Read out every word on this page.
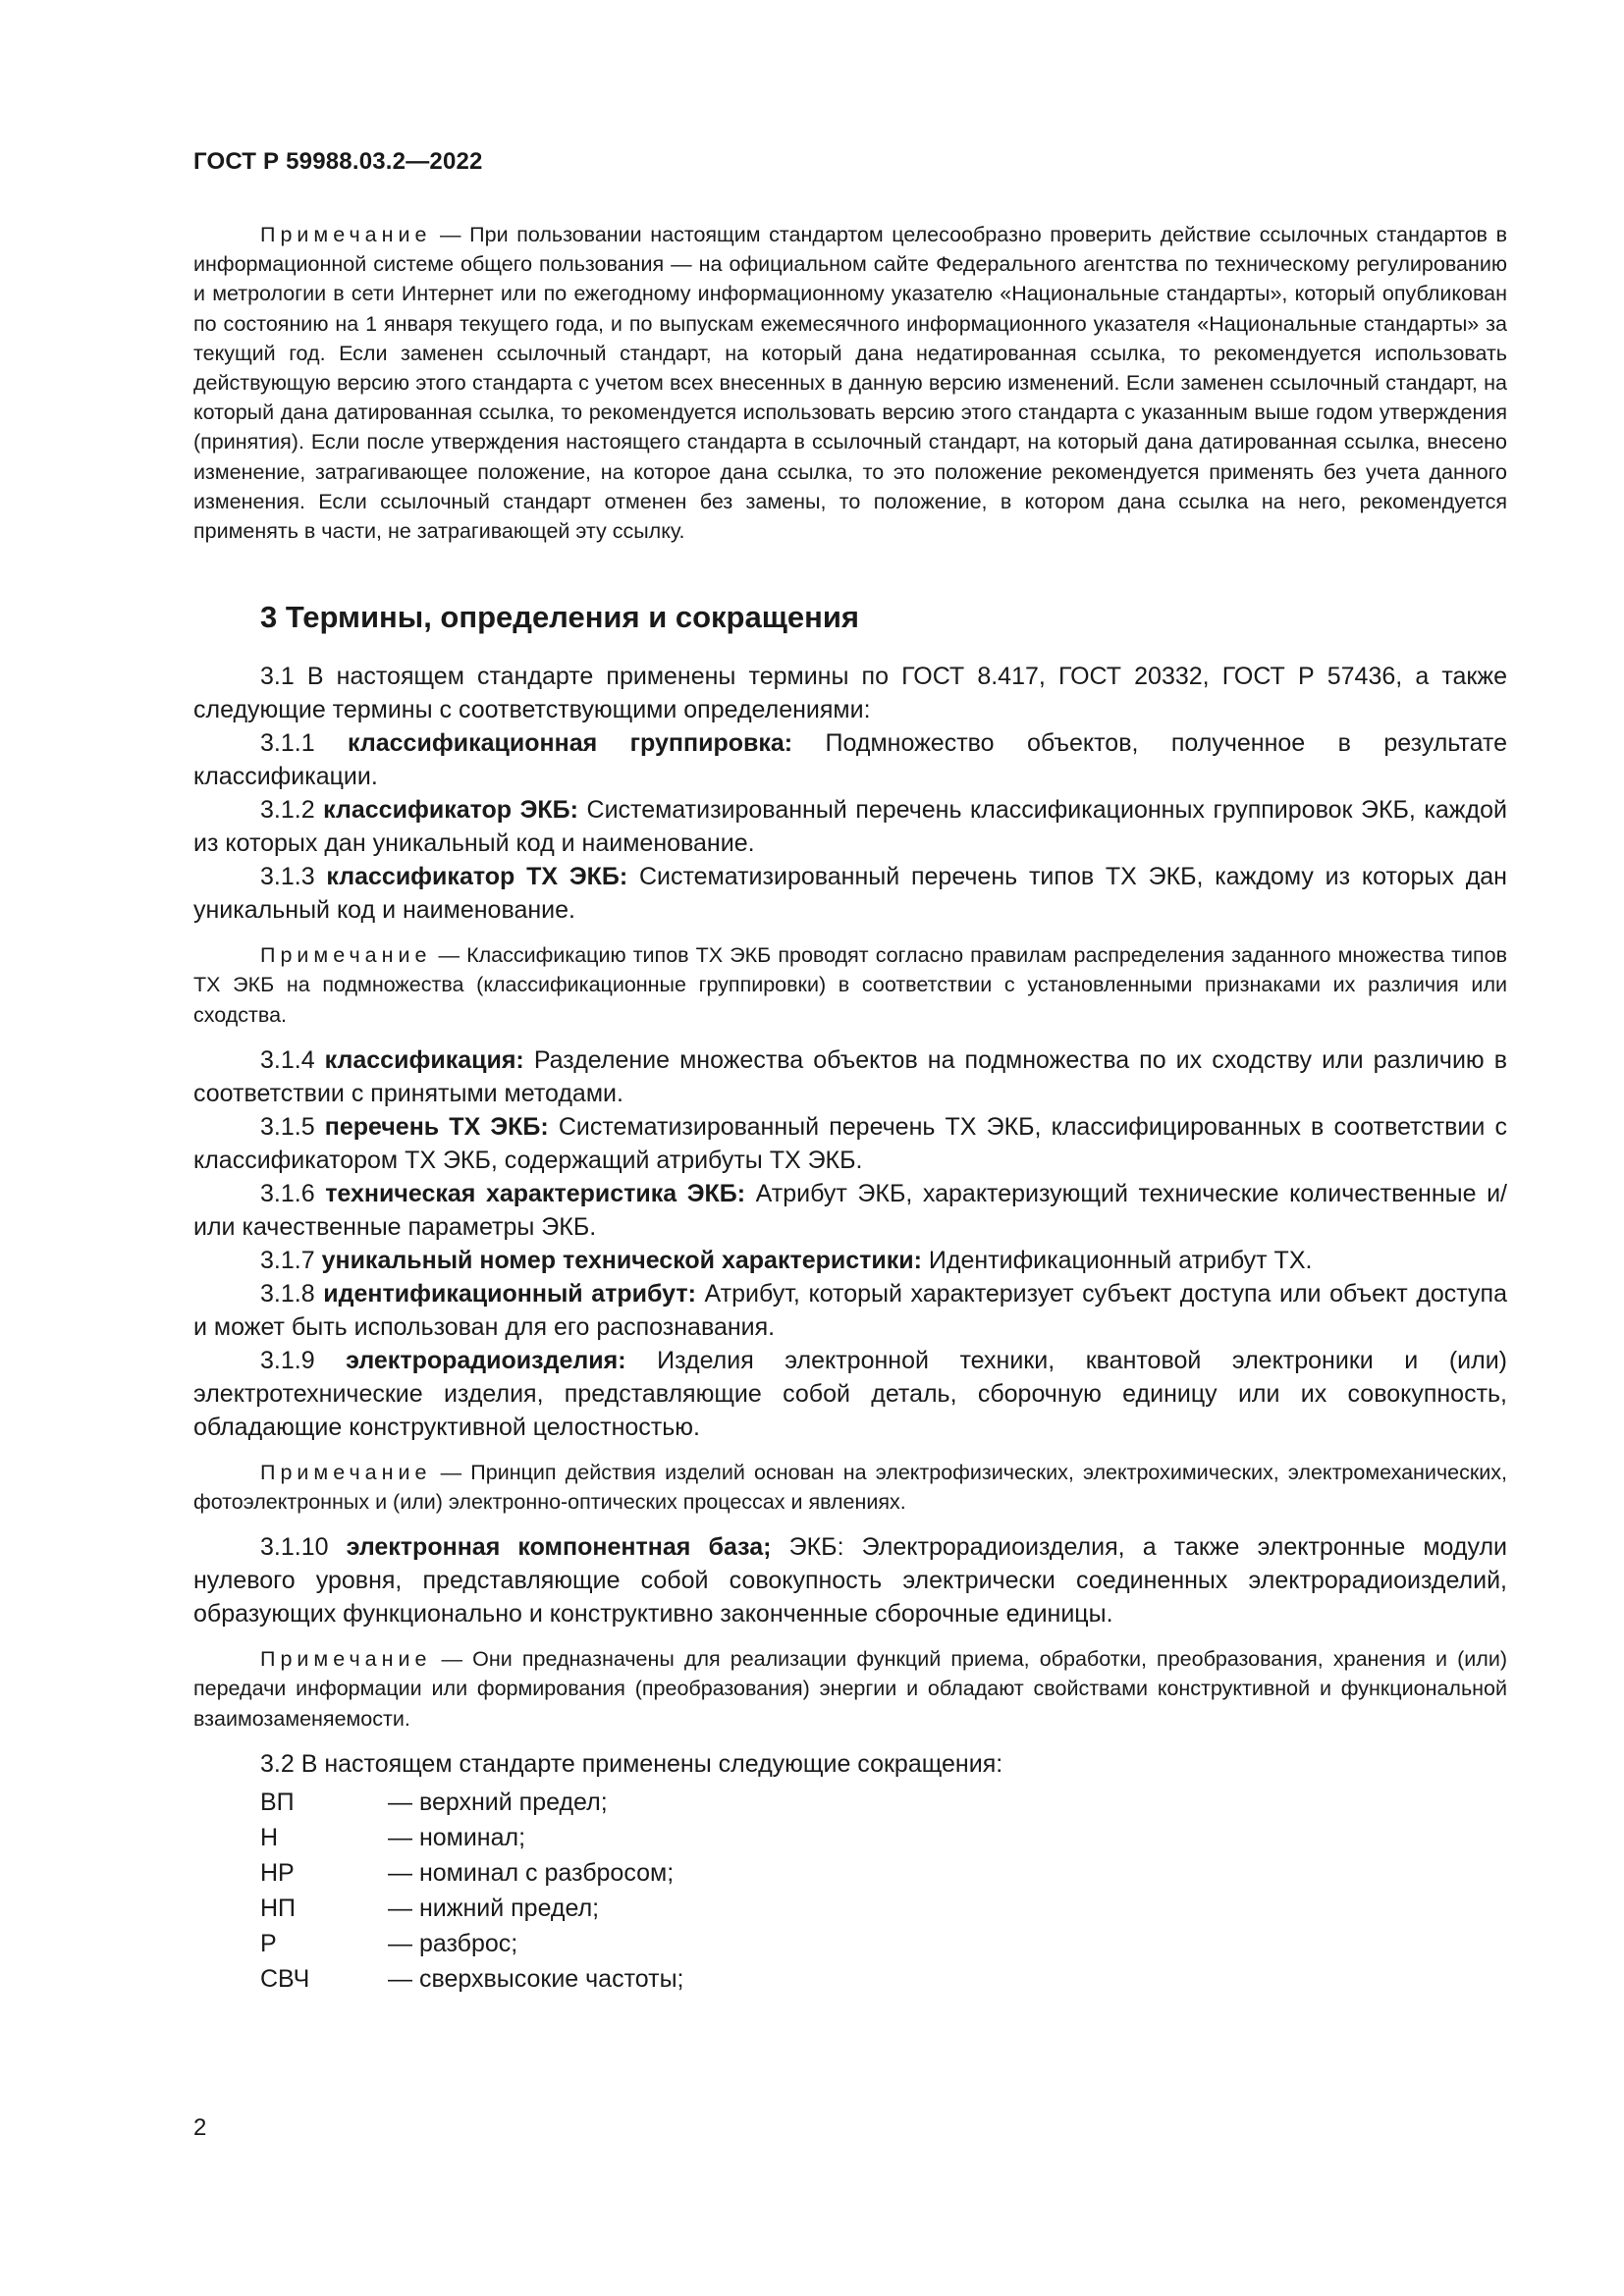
ГОСТ Р 59988.03.2—2022

Примечание — При пользовании настоящим стандартом целесообразно проверить действие ссылочных стандартов в информационной системе общего пользования — на официальном сайте Федерального агентства по техническому регулированию и метрологии в сети Интернет или по ежегодному информационному указателю «Национальные стандарты», который опубликован по состоянию на 1 января текущего года, и по выпускам ежемесячного информационного указателя «Национальные стандарты» за текущий год. Если заменен ссылочный стандарт, на который дана недатированная ссылка, то рекомендуется использовать действующую версию этого стандарта с учетом всех внесенных в данную версию изменений. Если заменен ссылочный стандарт, на который дана датированная ссылка, то рекомендуется использовать версию этого стандарта с указанным выше годом утверждения (принятия). Если после утверждения настоящего стандарта в ссылочный стандарт, на который дана датированная ссылка, внесено изменение, затрагивающее положение, на которое дана ссылка, то это положение рекомендуется применять без учета данного изменения. Если ссылочный стандарт отменен без замены, то положение, в котором дана ссылка на него, рекомендуется применять в части, не затрагивающей эту ссылку.

3 Термины, определения и сокращения

3.1 В настоящем стандарте применены термины по ГОСТ 8.417, ГОСТ 20332, ГОСТ Р 57436, а также следующие термины с соответствующими определениями:

3.1.1 классификационная группировка: Подмножество объектов, полученное в результате классификации.

3.1.2 классификатор ЭКБ: Систематизированный перечень классификационных группировок ЭКБ, каждой из которых дан уникальный код и наименование.

3.1.3 классификатор ТХ ЭКБ: Систематизированный перечень типов ТХ ЭКБ, каждому из которых дан уникальный код и наименование.

Примечание — Классификацию типов ТХ ЭКБ проводят согласно правилам распределения заданного множества типов ТХ ЭКБ на подмножества (классификационные группировки) в соответствии с установленными признаками их различия или сходства.

3.1.4 классификация: Разделение множества объектов на подмножества по их сходству или различию в соответствии с принятыми методами.

3.1.5 перечень ТХ ЭКБ: Систематизированный перечень ТХ ЭКБ, классифицированных в соответствии с классификатором ТХ ЭКБ, содержащий атрибуты ТХ ЭКБ.

3.1.6 техническая характеристика ЭКБ: Атрибут ЭКБ, характеризующий технические количественные и/или качественные параметры ЭКБ.

3.1.7 уникальный номер технической характеристики: Идентификационный атрибут ТХ.

3.1.8 идентификационный атрибут: Атрибут, который характеризует субъект доступа или объект доступа и может быть использован для его распознавания.

3.1.9 электрорадиоизделия: Изделия электронной техники, квантовой электроники и (или) электротехнические изделия, представляющие собой деталь, сборочную единицу или их совокупность, обладающие конструктивной целостностью.

Примечание — Принцип действия изделий основан на электрофизических, электрохимических, электромеханических, фотоэлектронных и (или) электронно-оптических процессах и явлениях.

3.1.10 электронная компонентная база; ЭКБ: Электрорадиоизделия, а также электронные модули нулевого уровня, представляющие собой совокупность электрически соединенных электрорадиоизделий, образующих функционально и конструктивно законченные сборочные единицы.

Примечание — Они предназначены для реализации функций приема, обработки, преобразования, хранения и (или) передачи информации или формирования (преобразования) энергии и обладают свойствами конструктивной и функциональной взаимозаменяемости.

3.2 В настоящем стандарте применены следующие сокращения:

ВП	— верхний предел;
Н	— номинал;
НР	— номинал с разбросом;
НП	— нижний предел;
Р	— разброс;
СВЧ	— сверхвысокие частоты;
2
